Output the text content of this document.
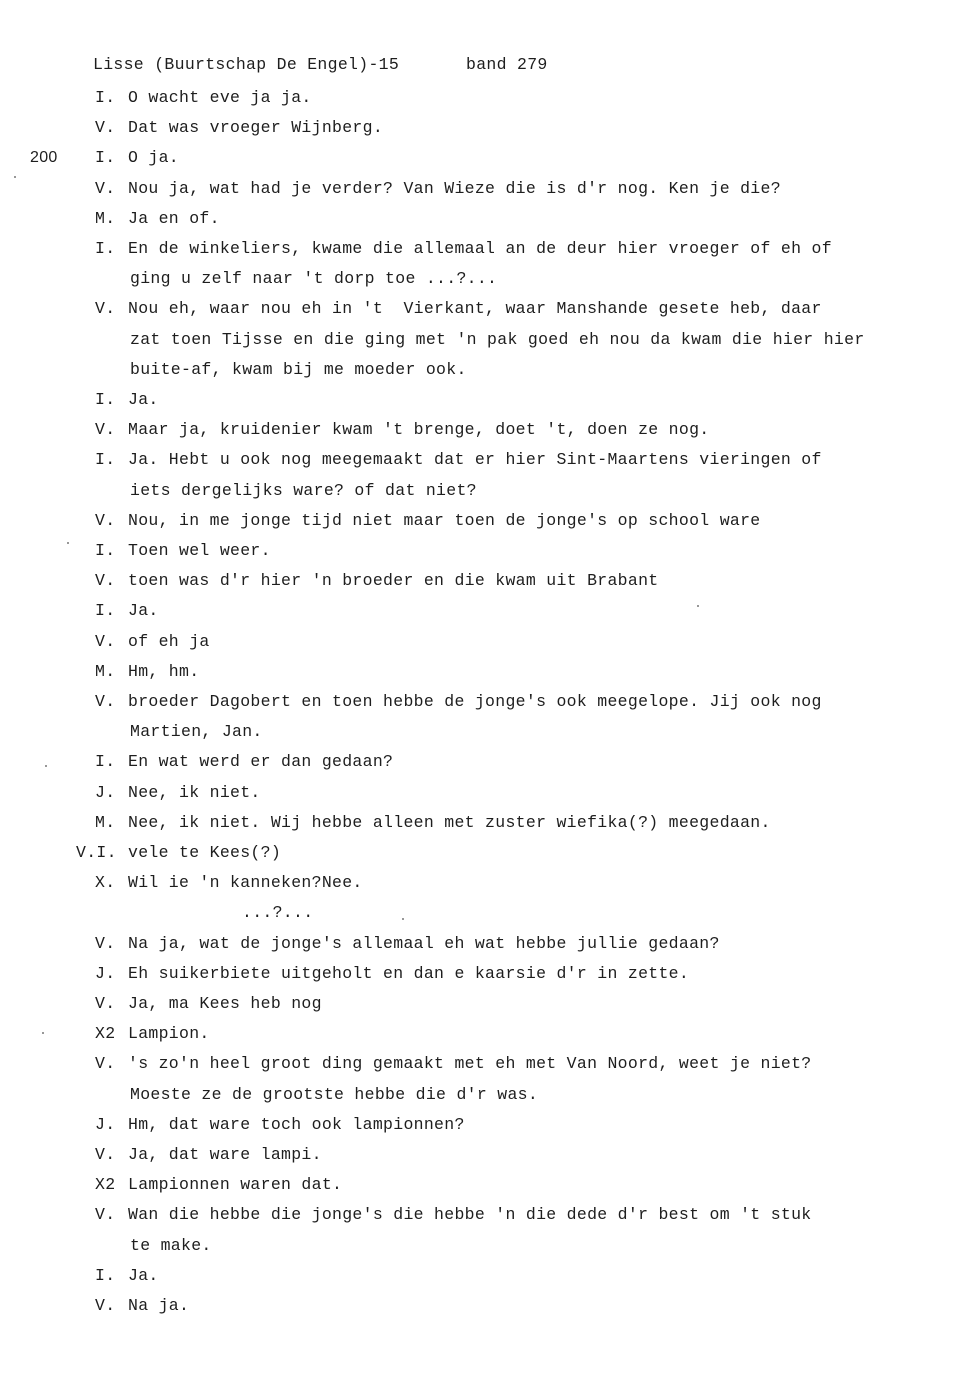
Lisse (Buurtschap De Engel)-15	band 279
200
I. O wacht eve ja ja.
V. Dat was vroeger Wijnberg.
I. O ja.
V. Nou ja, wat had je verder? Van Wieze die is d'r nog. Ken je die?
M. Ja en of.
I. En de winkeliers, kwame die allemaal an de deur hier vroeger of eh of
ging u zelf naar 't dorp toe ...?...
V. Nou eh, waar nou eh in 't  Vierkant, waar Manshande gesete heb, daar
zat toen Tijsse en die ging met 'n pak goed eh nou da kwam die hier hier
buite-af, kwam bij me moeder ook.
I. Ja.
V. Maar ja, kruidenier kwam 't brenge, doet 't, doen ze nog.
I. Ja. Hebt u ook nog meegemaakt dat er hier Sint-Maartens vieringen of
iets dergelijks ware? of dat niet?
V. Nou, in me jonge tijd niet maar toen de jonge's op school ware
I. Toen wel weer.
V. toen was d'r hier 'n broeder en die kwam uit Brabant
I. Ja.
V. of eh ja
M. Hm, hm.
V. broeder Dagobert en toen hebbe de jonge's ook meegelope. Jij ook nog
Martien, Jan.
I. En wat werd er dan gedaan?
J. Nee, ik niet.
M. Nee, ik niet. Wij hebbe alleen met zuster wiefika(?) meegedaan.
V.I. vele te Kees(?)
X. Wil ie 'n kanneken?Nee.
...?...
V. Na ja, wat de jonge's allemaal eh wat hebbe jullie gedaan?
J. Eh suikerbiete uitgeholt en dan e kaarsie d'r in zette.
V. Ja, ma Kees heb nog
X2 Lampion.
V. 's zo'n heel groot ding gemaakt met eh met Van Noord, weet je niet?
Moeste ze de grootste hebbe die d'r was.
J. Hm, dat ware toch ook lampionnen?
V. Ja, dat ware lampi.
X2 Lampionnen waren dat.
V. Wan die hebbe die jonge's die hebbe 'n die dede d'r best om 't stuk
te make.
I. Ja.
V. Na ja.
